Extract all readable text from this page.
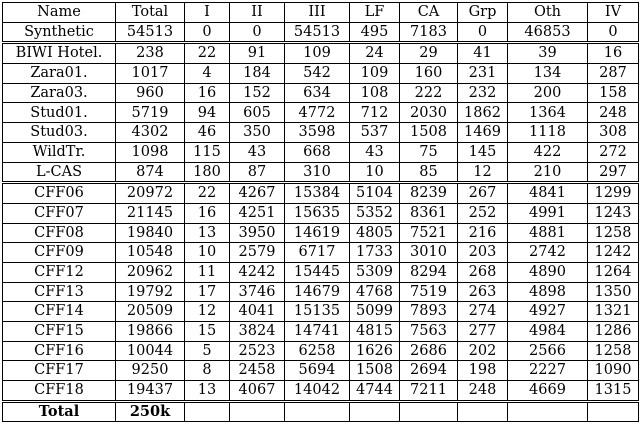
Name	Total	I	II	III	LF	CA	Grp	Oth	IV
Synthetic	54513	0	0	54513	495	7183	0	46853	0
BIWI Hotel.	238	22	91	109	24	29	41	39	16
Zara01.	1017	4	184	542	109	160	231	134	287
Zara03.	960	16	152	634	108	222	232	200	158
Stud01.	5719	94	605	4772	712	2030	1862	1364	248
Stud03.	4302	46	350	3598	537	1508	1469	1118	308
WildTr.	1098	115	43	668	43	75	145	422	272
L-CAS	874	180	87	310	10	85	12	210	297
CFF06	20972	22	4267	15384	5104	8239	267	4841	1299
CFF07	21145	16	4251	15635	5352	8361	252	4991	1243
CFF08	19840	13	3950	14619	4805	7521	216	4881	1258
CFF09	10548	10	2579	6717	1733	3010	203	2742	1242
CFF12	20962	11	4242	15445	5309	8294	268	4890	1264
CFF13	19792	17	3746	14679	4768	7519	263	4898	1350
CFF14	20509	12	4041	15135	5099	7893	274	4927	1321
CFF15	19866	15	3824	14741	4815	7563	277	4984	1286
CFF16	10044	5	2523	6258	1626	2686	202	2566	1258
CFF17	9250	8	2458	5694	1508	2694	198	2227	1090
CFF18	19437	13	4067	14042	4744	7211	248	4669	1315
Total	250k								
